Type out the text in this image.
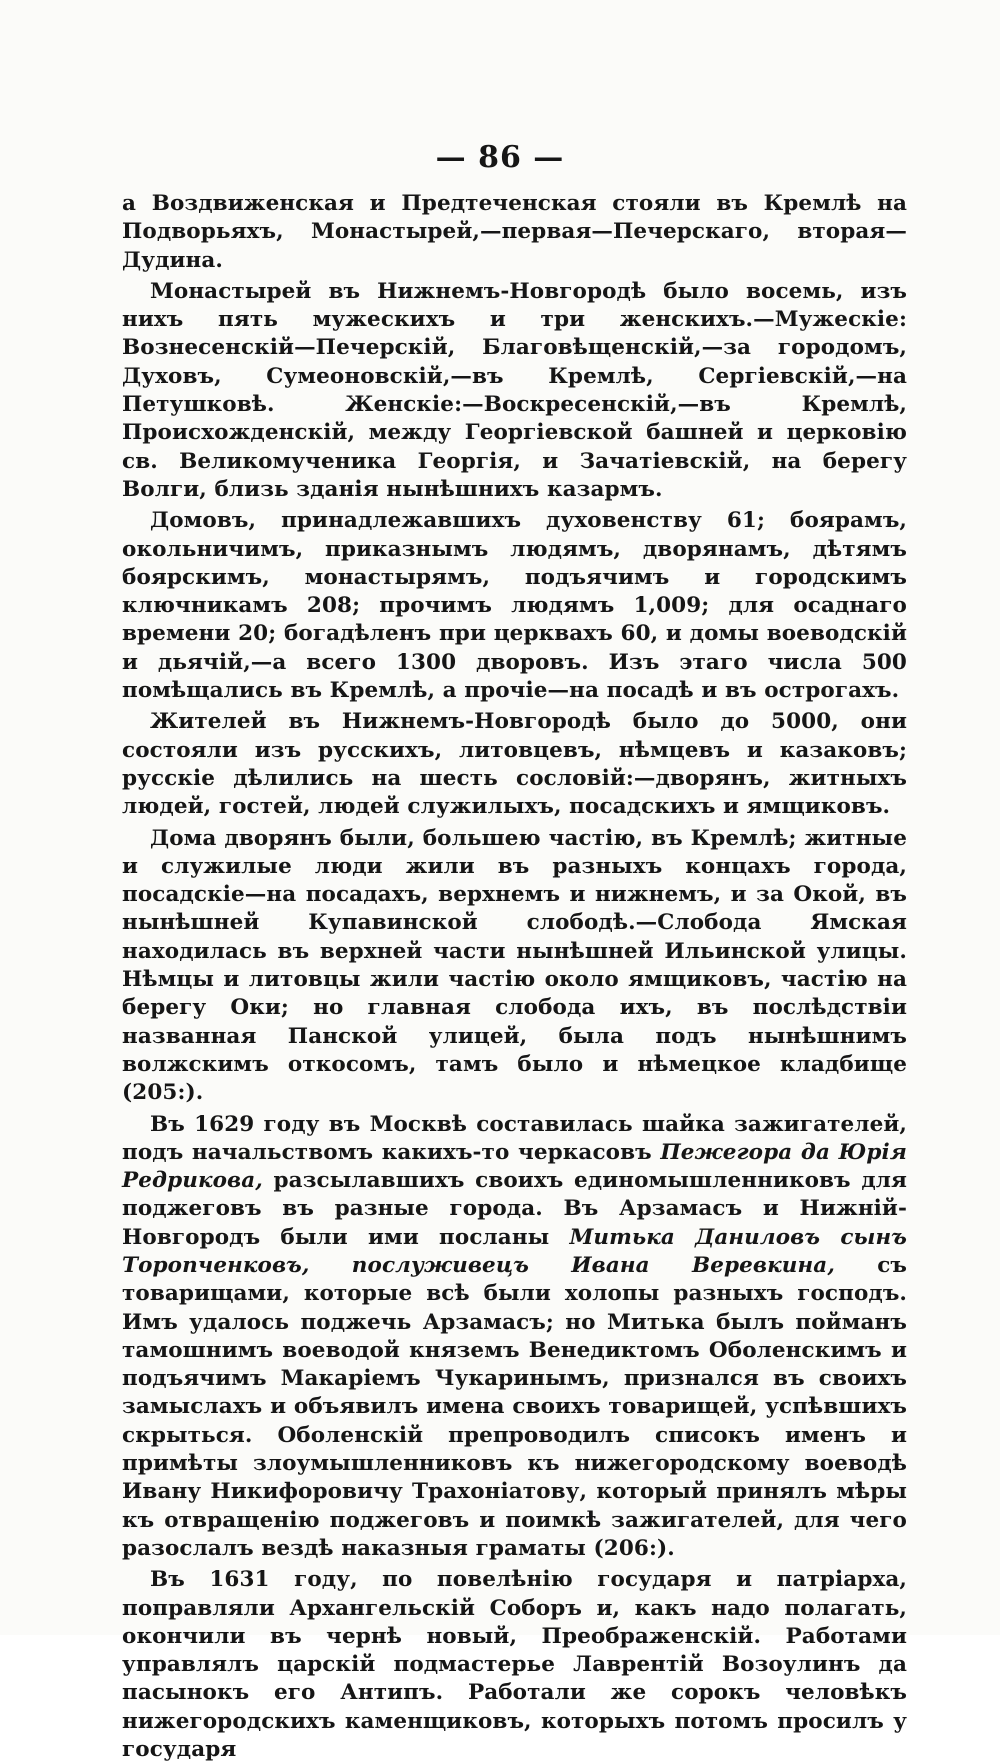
— 86 —

а Воздвиженская и Предтеченская стояли въ Кремлѣ на Подворьяхъ, Монастырей,—первая—Печерскаго, вторая—Дудина.

Монастырей въ Нижнемъ-Новгородѣ было восемь, изъ нихъ пять мужескихъ и три женскихъ.—Мужескіе: Вознесенскій—Печерскій, Благовѣщенскій,—за городомъ, Духовъ, Сумеоновскій,—въ Кремлѣ, Сергіевскій,—на Петушковѣ. Женскіе:—Воскресенскій,—въ Кремлѣ, Происхожденскій, между Георгіевской башней и церковію св. Великомученика Георгія, и Зачатіевскій, на берегу Волги, близь зданія нынѣшнихъ казармъ.

Домовъ, принадлежавшихъ духовенству 61; боярамъ, окольничимъ, приказнымъ людямъ, дворянамъ, дѣтямъ боярскимъ, монастырямъ, подъячимъ и городскимъ ключникамъ 208; прочимъ людямъ 1,009; для осаднаго времени 20; богадѣленъ при церквахъ 60, и домы воеводскій и дьячій,—а всего 1300 дворовъ. Изъ этаго числа 500 помѣщались въ Кремлѣ, а прочіе—на посадѣ и въ острогахъ.

Жителей въ Нижнемъ-Новгородѣ было до 5000, они состояли изъ русскихъ, литовцевъ, нѣмцевъ и казаковъ; русскіе дѣлились на шесть сословій:—дворянъ, житныхъ людей, гостей, людей служилыхъ, посадскихъ и ямщиковъ.

Дома дворянъ были, большею частію, въ Кремлѣ; житные и служилые люди жили въ разныхъ концахъ города, посадскіе—на посадахъ, верхнемъ и нижнемъ, и за Окой, въ нынѣшней Купавинской слободѣ.—Слобода Ямская находилась въ верхней части нынѣшней Ильинской улицы. Нѣмцы и литовцы жили частію около ямщиковъ, частію на берегу Оки; но главная слобода ихъ, въ послѣдствіи названная Панской улицей, была подъ нынѣшнимъ волжскимъ откосомъ, тамъ было и нѣмецкое кладбище (205:).

Въ 1629 году въ Москвѣ составилась шайка зажигателей, подъ начальствомъ какихъ-то черкасовъ Пежегора да Юрія Редрикова, разсылавшихъ своихъ единомышленниковъ для поджеговъ въ разные города. Въ Арзамасъ и Нижній-Новгородъ были ими посланы Митька Даниловъ сынъ Торопченковъ, послуживецъ Ивана Веревкина, съ товарищами, которые всѣ были холопы разныхъ господъ. Имъ удалось поджечь Арзамасъ; но Митька былъ пойманъ тамошнимъ воеводой княземъ Венедиктомъ Оболенскимъ и подъячимъ Макаріемъ Чукаринымъ, признался въ своихъ замыслахъ и объявилъ имена своихъ товарищей, успѣвшихъ скрыться. Оболенскій препроводилъ списокъ именъ и примѣты злоумышленниковъ къ нижегородскому воеводѣ Ивану Никифоровичу Трахоніатову, который принялъ мѣры къ отвращенію поджеговъ и поимкѣ зажигателей, для чего разослалъ вездѣ наказныя граматы (206:).

Въ 1631 году, по повелѣнію государя и патріарха, поправляли Архангельскій Соборъ и, какъ надо полагать, окончили въ чернѣ новый, Преображенскій. Работами управлялъ царскій подмастерье Лаврентій Возоулинъ да пасынокъ его Антипъ. Работали же сорокъ человѣкъ нижегородскихъ каменщиковъ, которыхъ потомъ просилъ у государя
